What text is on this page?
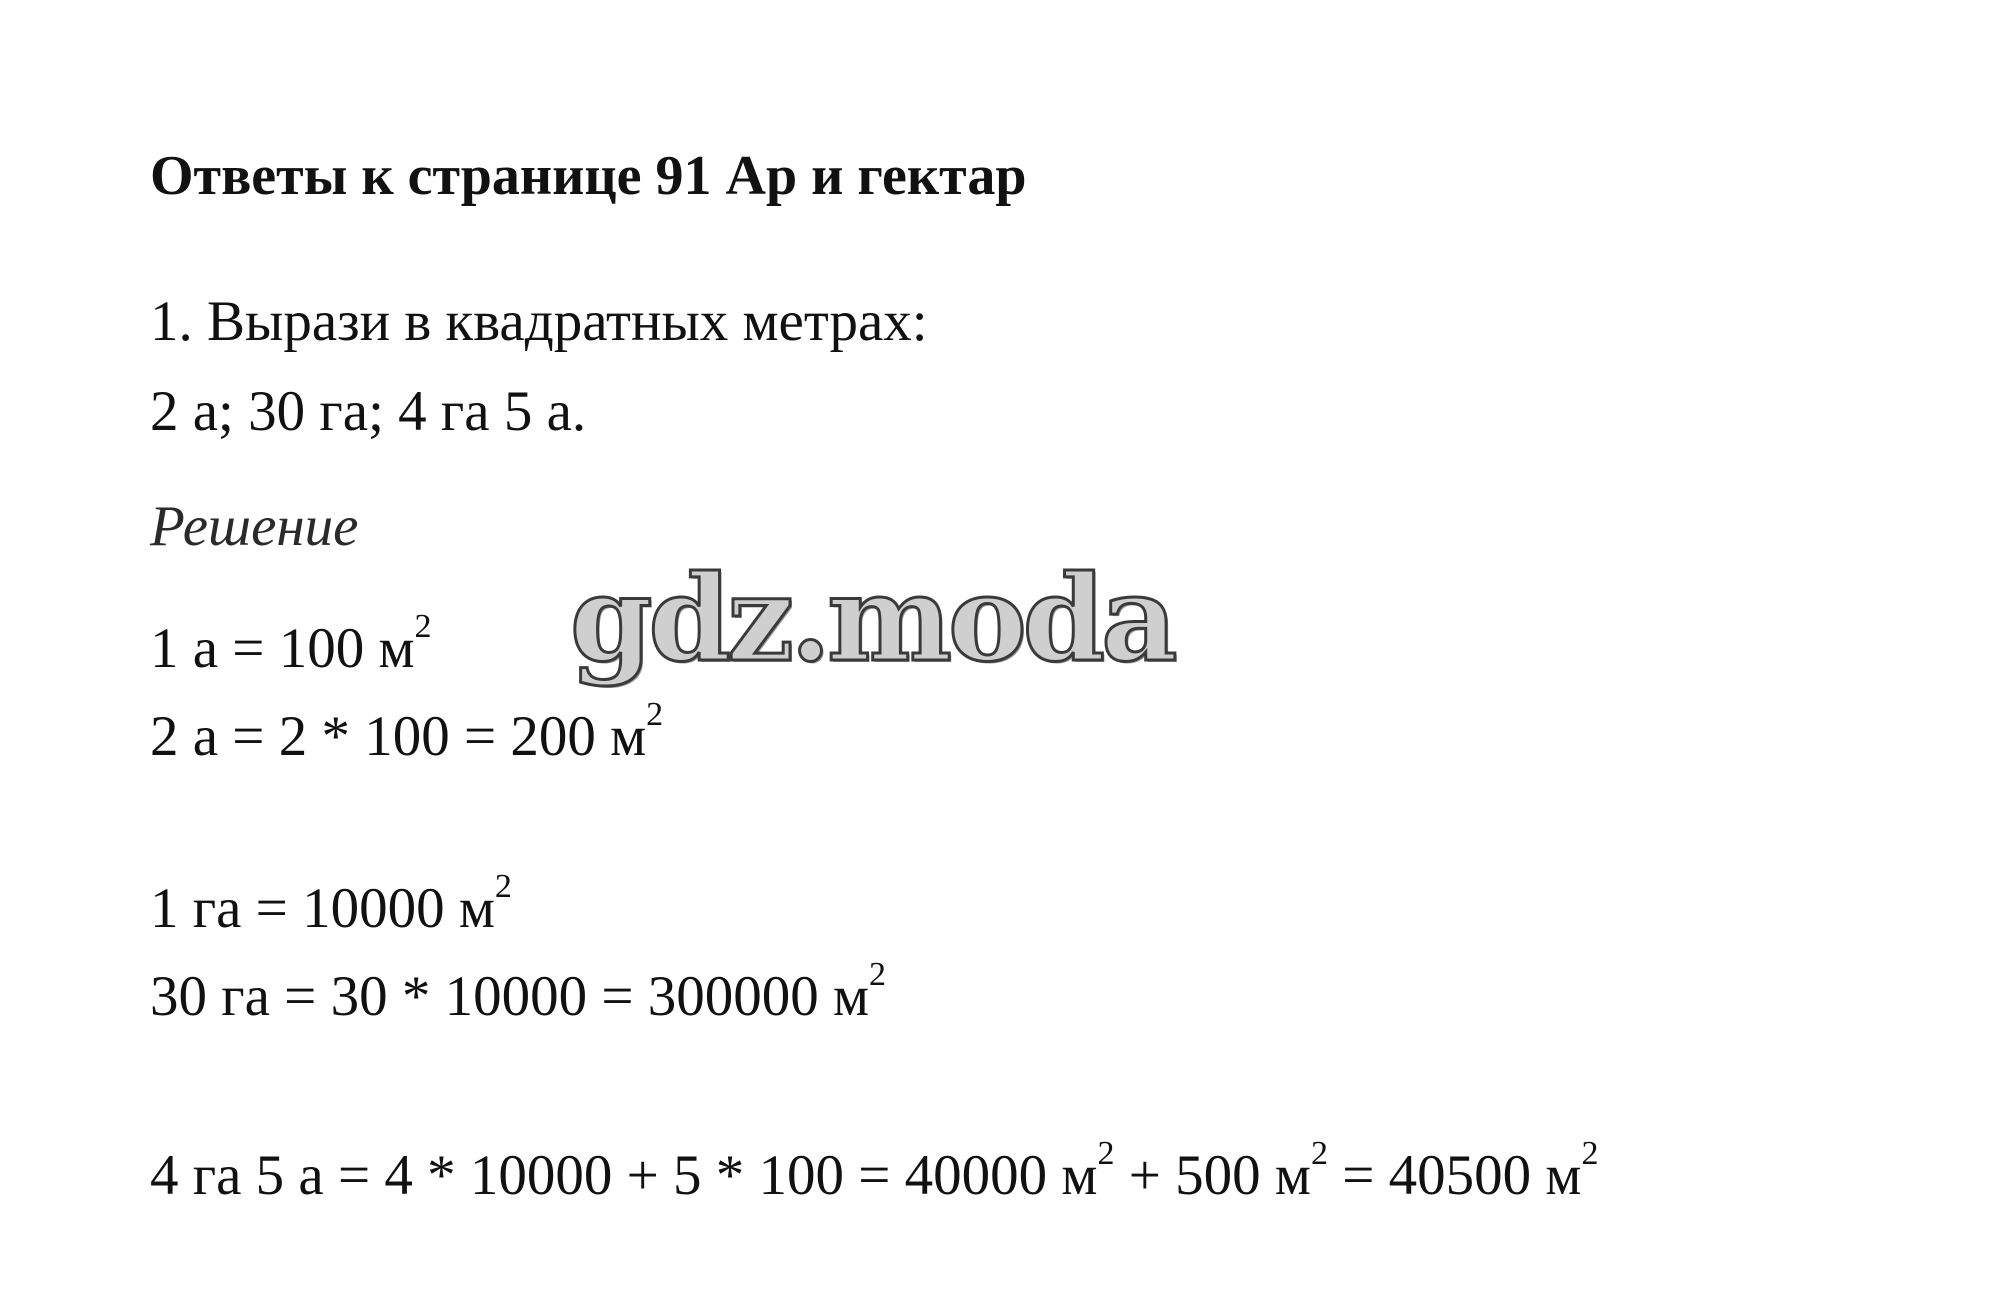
Ответы к странице 91 Ар и гектар
1. Вырази в квадратных метрах:
2 а; 30 га; 4 га 5 а.
Решение
1 а = 100 $м^2$
2 а = 2 * 100 = 200 $м^2$
1 га = 10000 $м^2$
30 га = 30 * 10000 = 300000 $м^2$
4 га 5 а = 4 * 10000 + 5 * 100 = 40000 $м^2 + 500$ $м^2 = 40500$ $м^2$
gdz.moda
